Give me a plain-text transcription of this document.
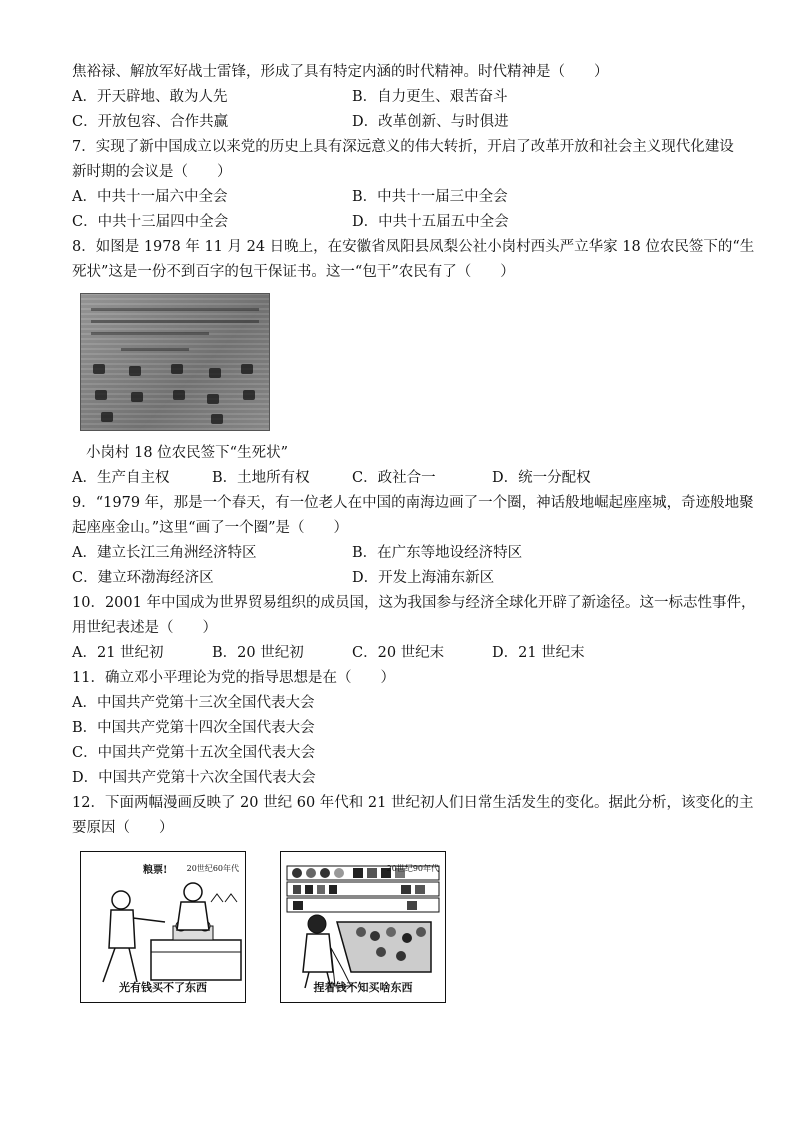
焦裕禄、解放军好战士雷锋，形成了具有特定内涵的时代精神。时代精神是（　　）
A．开天辟地、敢为人先	B．自力更生、艰苦奋斗
C．开放包容、合作共赢	D．改革创新、与时俱进
7．实现了新中国成立以来党的历史上具有深远意义的伟大转折，开启了改革开放和社会主义现代化建设
新时期的会议是（　　）
A．中共十一届六中全会	B．中共十一届三中全会
C．中共十三届四中全会	D．中共十五届五中全会
8．如图是 1978 年 11 月 24 日晚上，在安徽省凤阳县凤梨公社小岗村西头严立华家 18 位农民签下的“生
死状”这是一份不到百字的包干保证书。这一“包干”农民有了（　　）
小岗村 18 位农民签下“生死状”
A．生产自主权	B．土地所有权	C．政社合一	D．统一分配权
9．“1979 年，那是一个春天，有一位老人在中国的南海边画了一个圈，神话般地崛起座座城，奇迹般地聚
起座座金山。”这里“画了一个圈”是（　　）
A．建立长江三角洲经济特区	B．在广东等地设经济特区
C．建立环渤海经济区	D．开发上海浦东新区
10．2001 年中国成为世界贸易组织的成员国，这为我国参与经济全球化开辟了新途径。这一标志性事件，
用世纪表述是（　　）
A．21 世纪初	B．20 世纪初	C．20 世纪末	D．21 世纪末
11．确立邓小平理论为党的指导思想是在（　　）
A．中国共产党第十三次全国代表大会
B．中国共产党第十四次全国代表大会
C．中国共产党第十五次全国代表大会
D．中国共产党第十六次全国代表大会
12．下面两幅漫画反映了 20 世纪 60 年代和 21 世纪初人们日常生活发生的变化。据此分析，该变化的主
要原因（　　）
20世纪60年代
粮票!
光有钱买不了东西
20世纪90年代
捏着钱不知买啥东西
